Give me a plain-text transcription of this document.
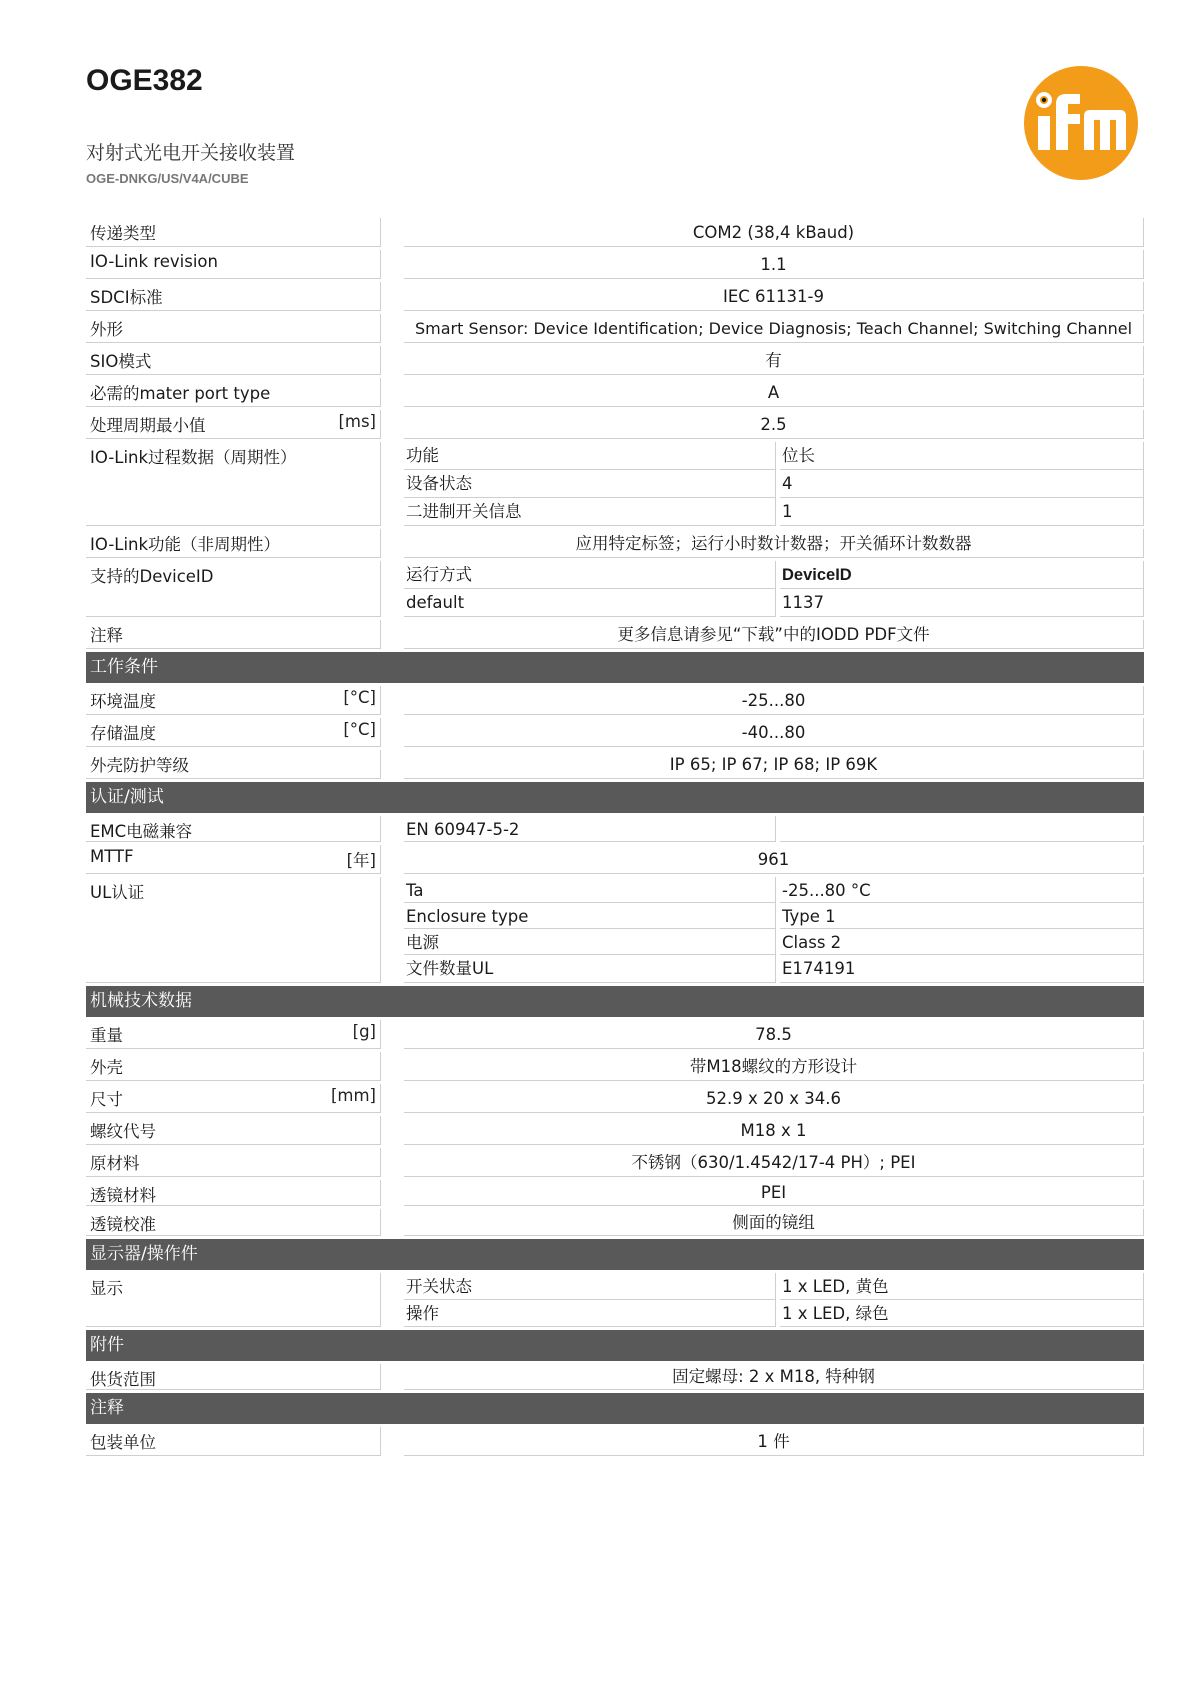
OGE382
对射式光电开关接收装置
OGE-DNKG/US/V4A/CUBE
传递类型	COM2 (38,4 kBaud)
IO-Link revision	1.1
SDCI标准	IEC 61131-9
外形	Smart Sensor: Device Identification; Device Diagnosis; Teach Channel; Switching Channel
SIO模式	有
必需的mater port type	A
处理周期最小值	[ms]	2.5
IO-Link过程数据（周期性）	功能	位长
设备状态	4
二进制开关信息	1
IO-Link功能（非周期性）	应用特定标签；运行小时数计数器；开关循环计数数器
支持的DeviceID	运行方式	DeviceID
default	1137
注释	更多信息请参见“下载”中的IODD PDF文件
工作条件
环境温度	[°C]	-25...80
存储温度	[°C]	-40...80
外壳防护等级	IP 65; IP 67; IP 68; IP 69K
认证/测试
EMC电磁兼容	EN 60947-5-2
MTTF	[年]	961
UL认证	Ta	-25...80 °C
Enclosure type	Type 1
电源	Class 2
文件数量UL	E174191
机械技术数据
重量	[g]	78.5
外壳	带M18螺纹的方形设计
尺寸	[mm]	52.9 x 20 x 34.6
螺纹代号	M18 x 1
原材料	不锈钢（630/1.4542/17-4 PH）; PEI
透镜材料	PEI
透镜校准	侧面的镜组
显示器/操作件
显示	开关状态	1 x LED, 黄色
操作	1 x LED, 绿色
附件
供货范围	固定螺母: 2 x M18, 特种钢
注释
包装单位	1 件
